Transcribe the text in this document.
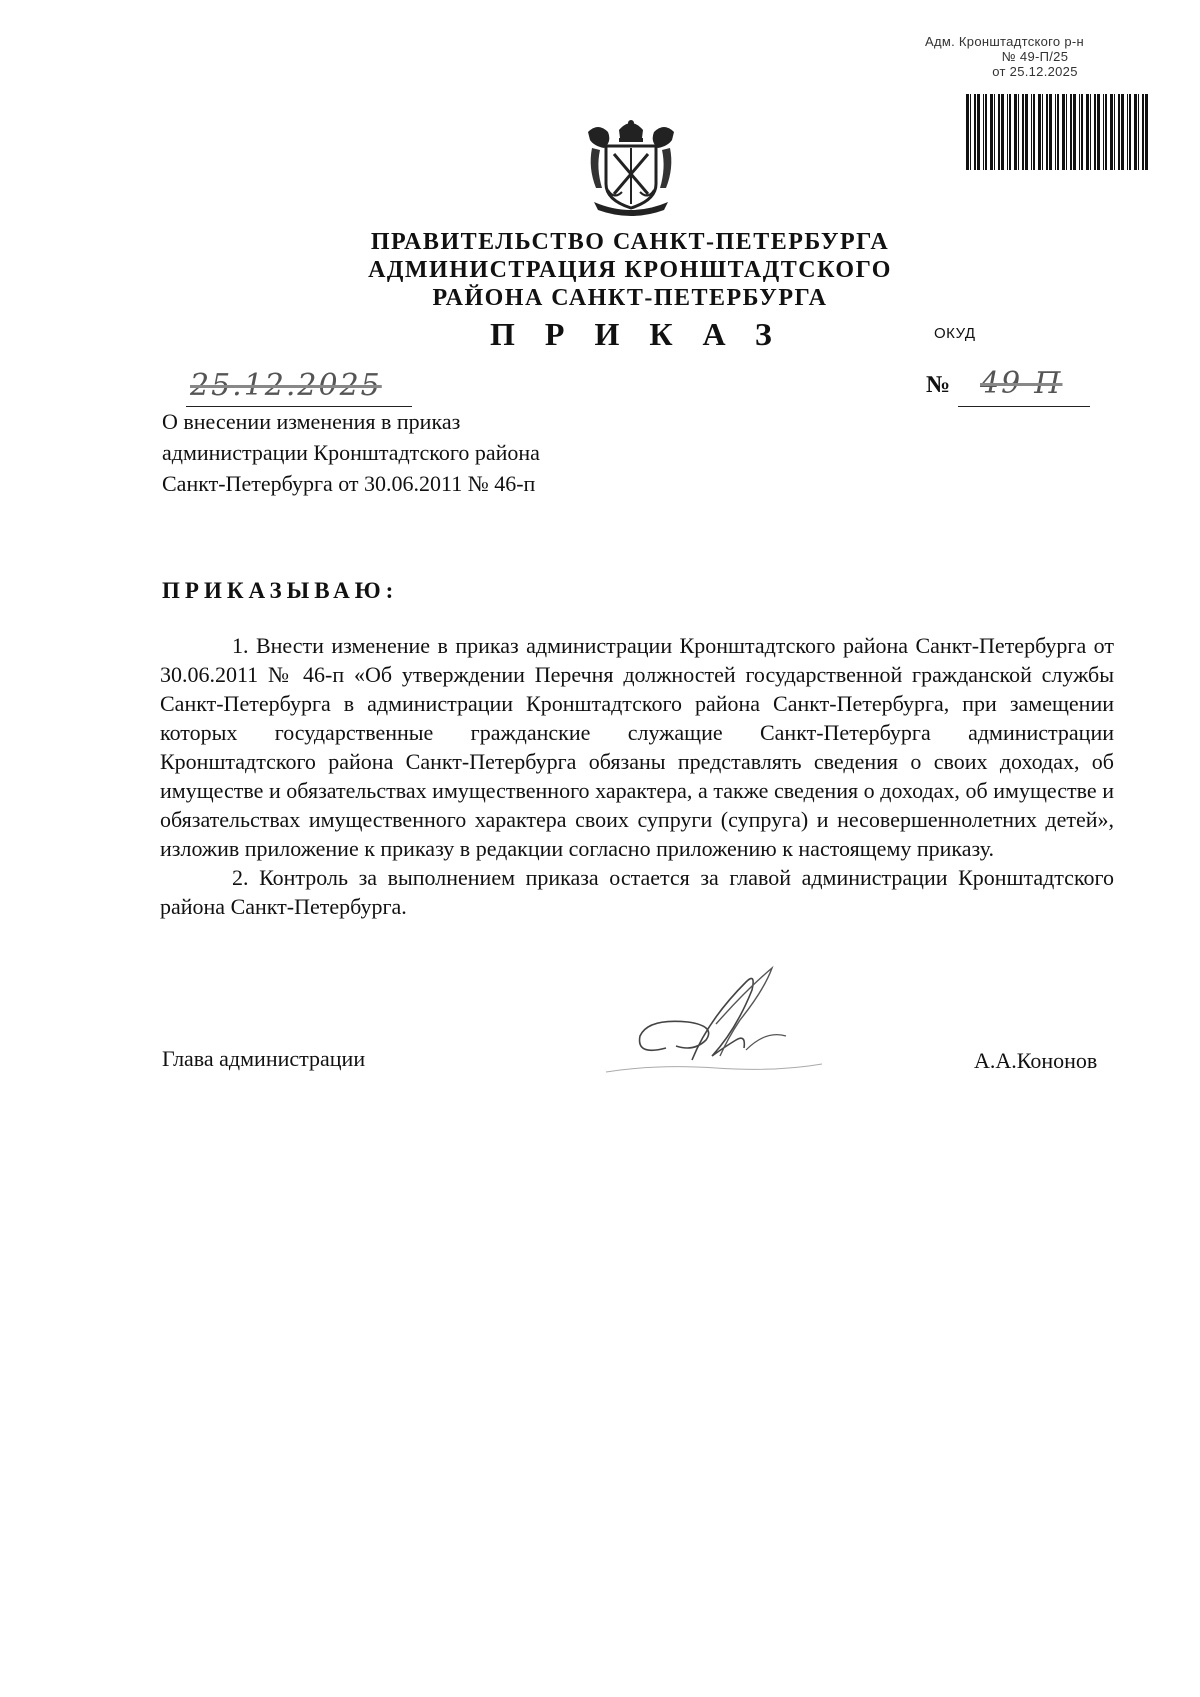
Адм. Кронштадтского р-н
№ 49-П/25
от 25.12.2025
ПРАВИТЕЛЬСТВО САНКТ-ПЕТЕРБУРГА
АДМИНИСТРАЦИЯ КРОНШТАДТСКОГО
РАЙОНА САНКТ-ПЕТЕРБУРГА
ПРИКАЗ	ОКУД
25.12.2025	№ 49-П
О внесении изменения в приказ
администрации Кронштадтского района
Санкт-Петербурга от 30.06.2011 № 46-п
ПРИКАЗЫВАЮ:

1. Внести изменение в приказ администрации Кронштадтского района Санкт-Петербурга от 30.06.2011 № 46-п «Об утверждении Перечня должностей государственной гражданской службы Санкт-Петербурга в администрации Кронштадтского района Санкт-Петербурга, при замещении которых государственные гражданские служащие Санкт-Петербурга администрации Кронштадтского района Санкт-Петербурга обязаны представлять сведения о своих доходах, об имуществе и обязательствах имущественного характера, а также сведения о доходах, об имуществе и обязательствах имущественного характера своих супруги (супруга) и несовершеннолетних детей», изложив приложение к приказу в редакции согласно приложению к настоящему приказу.

2. Контроль за выполнением приказа остается за главой администрации Кронштадтского района Санкт-Петербурга.

Глава администрации	А.А.Кононов
